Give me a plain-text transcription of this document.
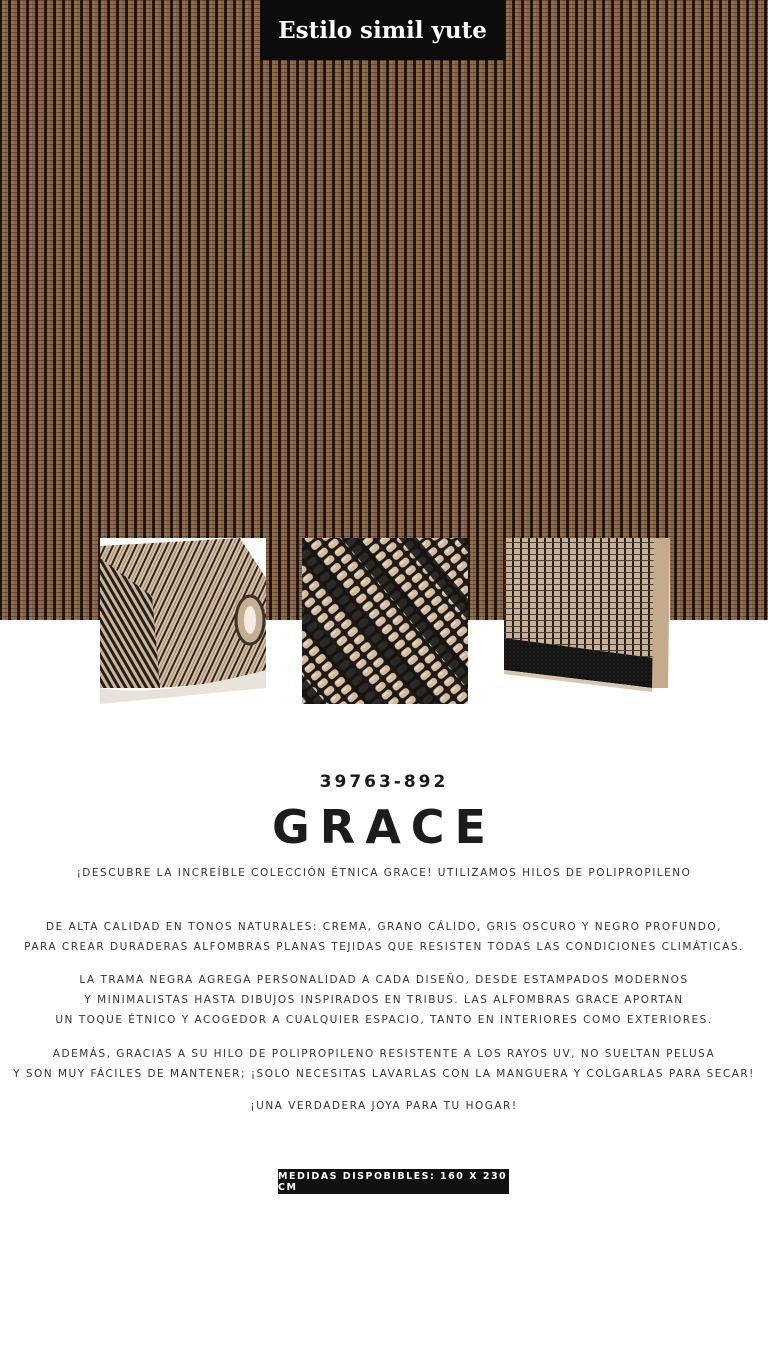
Estilo simil yute
39763-892
GRACE
¡DESCUBRE LA INCREÍBLE COLECCIÓN ÉTNICA GRACE! UTILIZAMOS HILOS DE POLIPROPILENO
DE ALTA CALIDAD EN TONOS NATURALES: CREMA, GRANO CÁLIDO, GRIS OSCURO Y NEGRO PROFUNDO,
PARA CREAR DURADERAS ALFOMBRAS PLANAS TEJIDAS QUE RESISTEN TODAS LAS CONDICIONES CLIMÁTICAS.
LA TRAMA NEGRA AGREGA PERSONALIDAD A CADA DISEÑO, DESDE ESTAMPADOS MODERNOS
Y MINIMALISTAS HASTA DIBUJOS INSPIRADOS EN TRIBUS. LAS ALFOMBRAS GRACE APORTAN
UN TOQUE ÉTNICO Y ACOGEDOR A CUALQUIER ESPACIO, TANTO EN INTERIORES COMO EXTERIORES.
ADEMÁS, GRACIAS A SU HILO DE POLIPROPILENO RESISTENTE A LOS RAYOS UV, NO SUELTAN PELUSA
Y SON MUY FÁCILES DE MANTENER; ¡SOLO NECESITAS LAVARLAS CON LA MANGUERA Y COLGARLAS PARA SECAR!
¡UNA VERDADERA JOYA PARA TU HOGAR!
MEDIDAS DISPOBIBLES: 160 X 230 CM
